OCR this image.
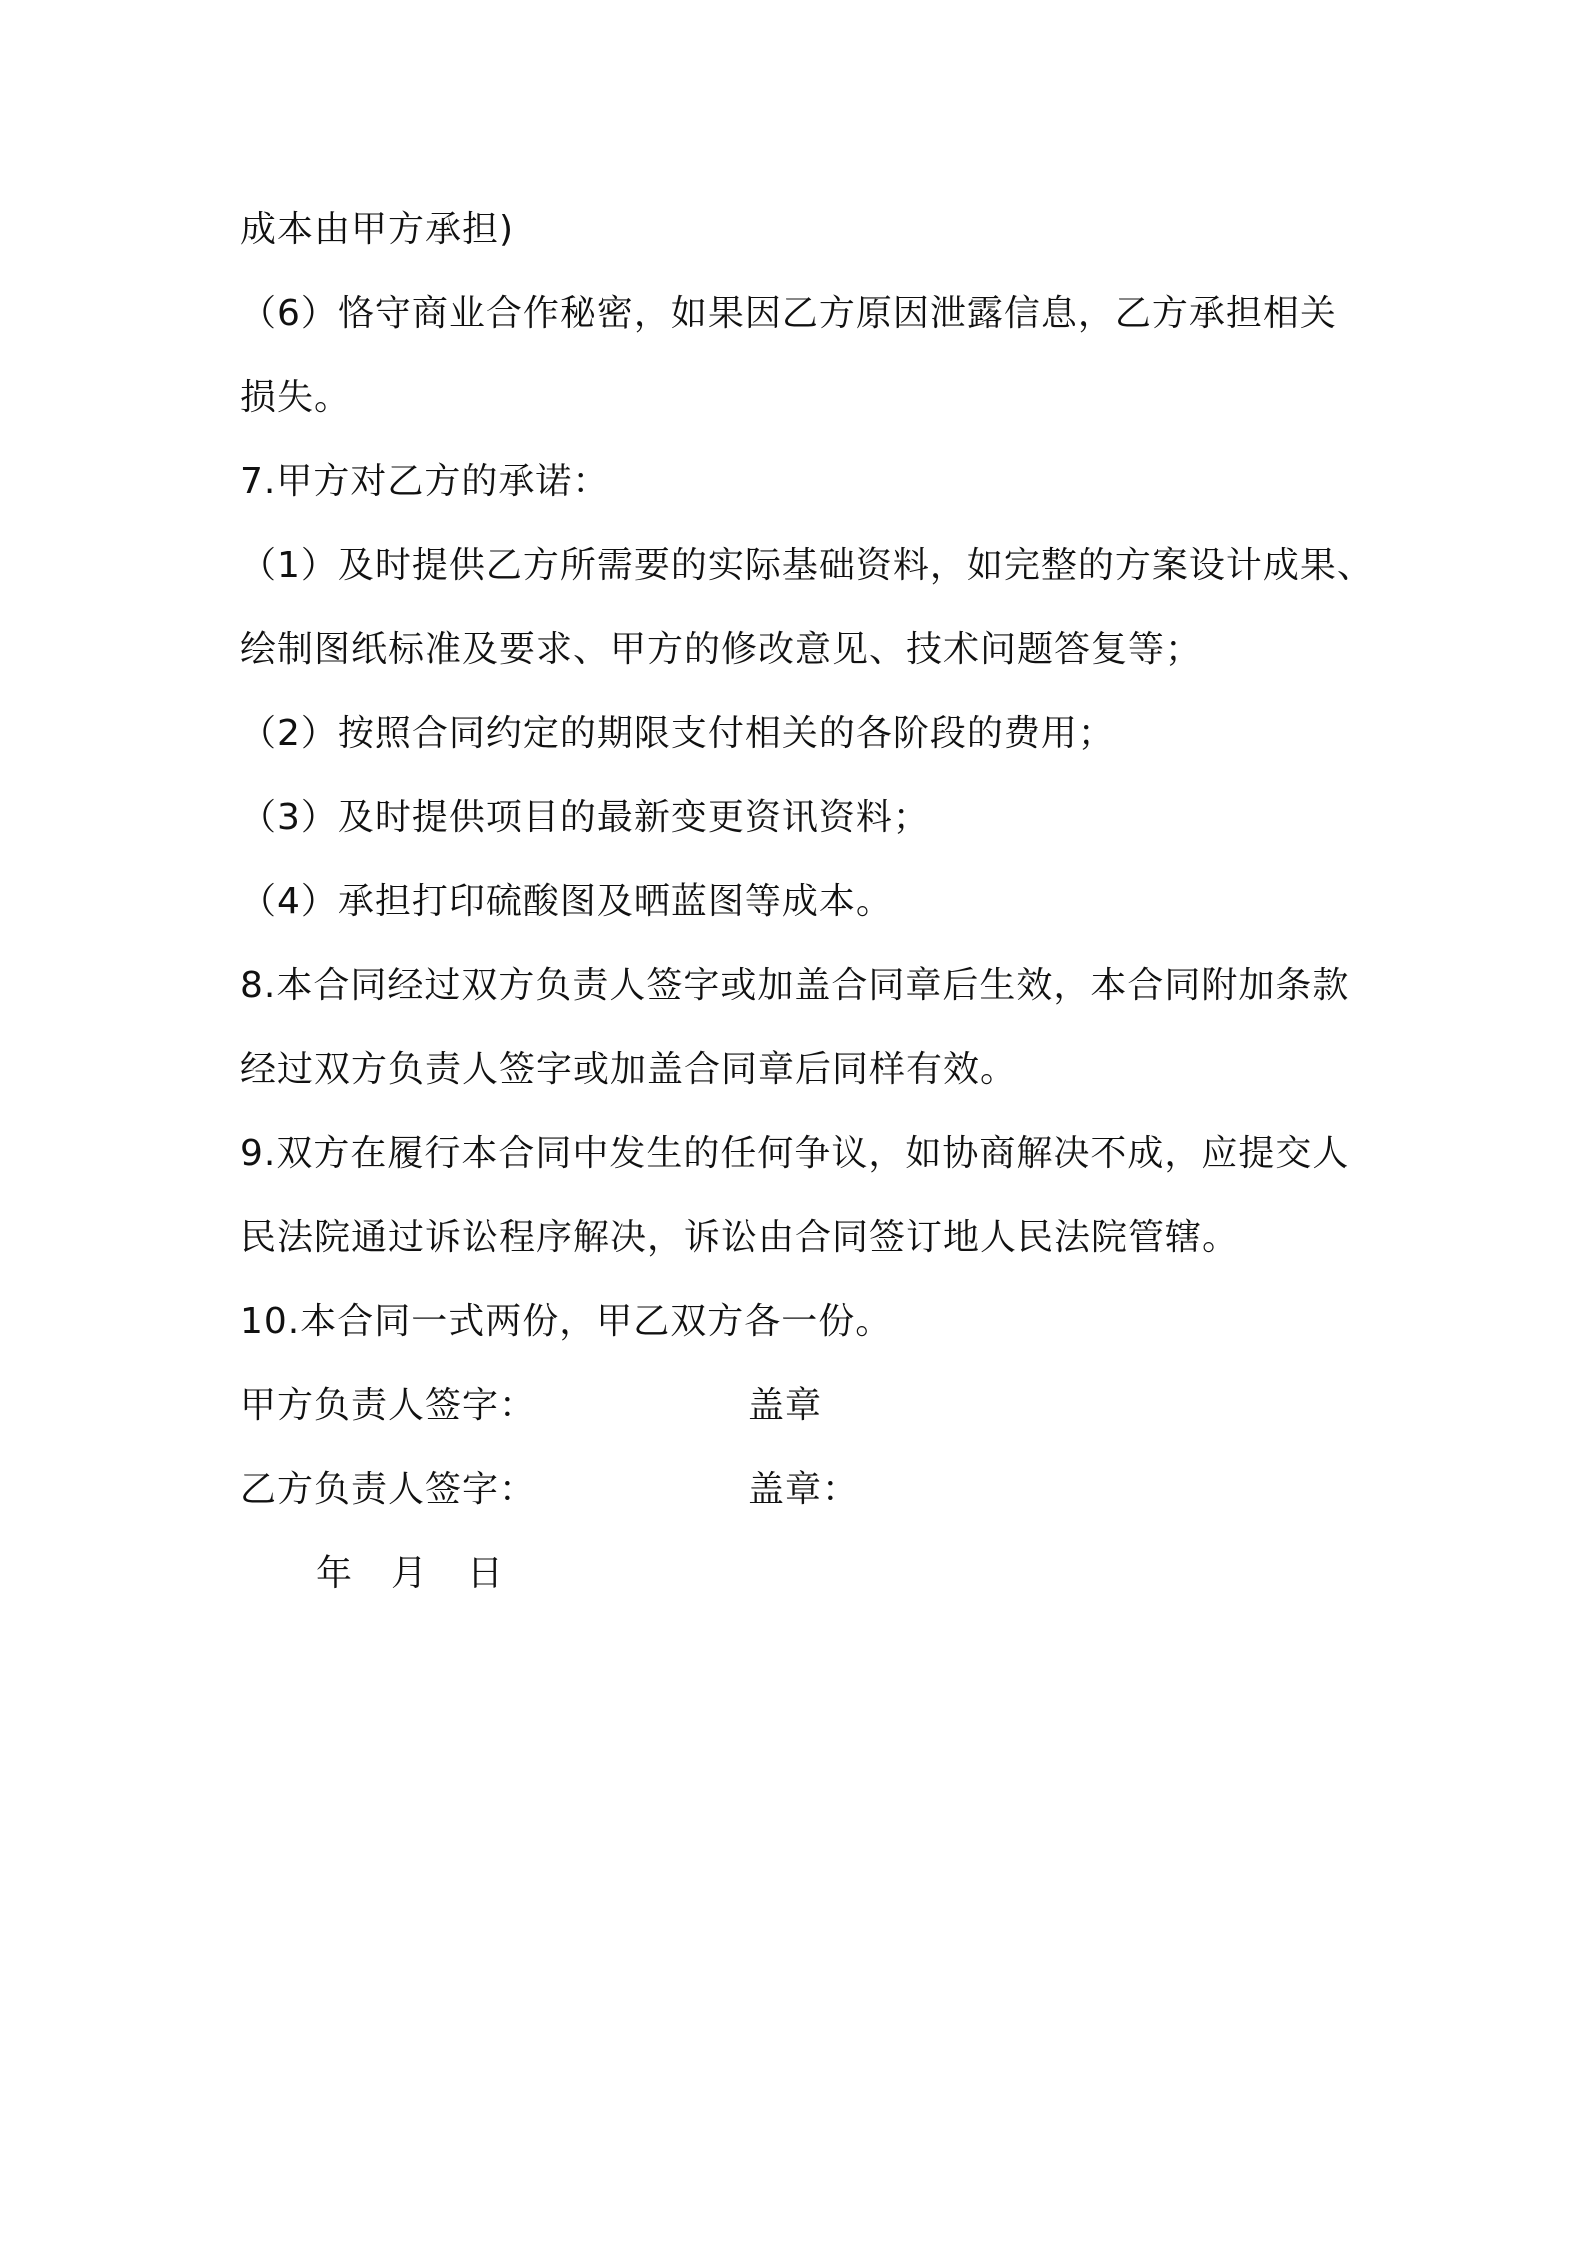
成本由甲方承担)
（6）恪守商业合作秘密，如果因乙方原因泄露信息，乙方承担相关
损失。
7.甲方对乙方的承诺：
（1）及时提供乙方所需要的实际基础资料，如完整的方案设计成果、
绘制图纸标准及要求、甲方的修改意见、技术问题答复等；
（2）按照合同约定的期限支付相关的各阶段的费用；
（3）及时提供项目的最新变更资讯资料；
（4）承担打印硫酸图及晒蓝图等成本。
8.本合同经过双方负责人签字或加盖合同章后生效，本合同附加条款
经过双方负责人签字或加盖合同章后同样有效。
9.双方在履行本合同中发生的任何争议，如协商解决不成，应提交人
民法院通过诉讼程序解决，诉讼由合同签订地人民法院管辖。
10.本合同一式两份，甲乙双方各一份。
甲方负责人签字：	盖章
乙方负责人签字：	盖章：
年 月 日
